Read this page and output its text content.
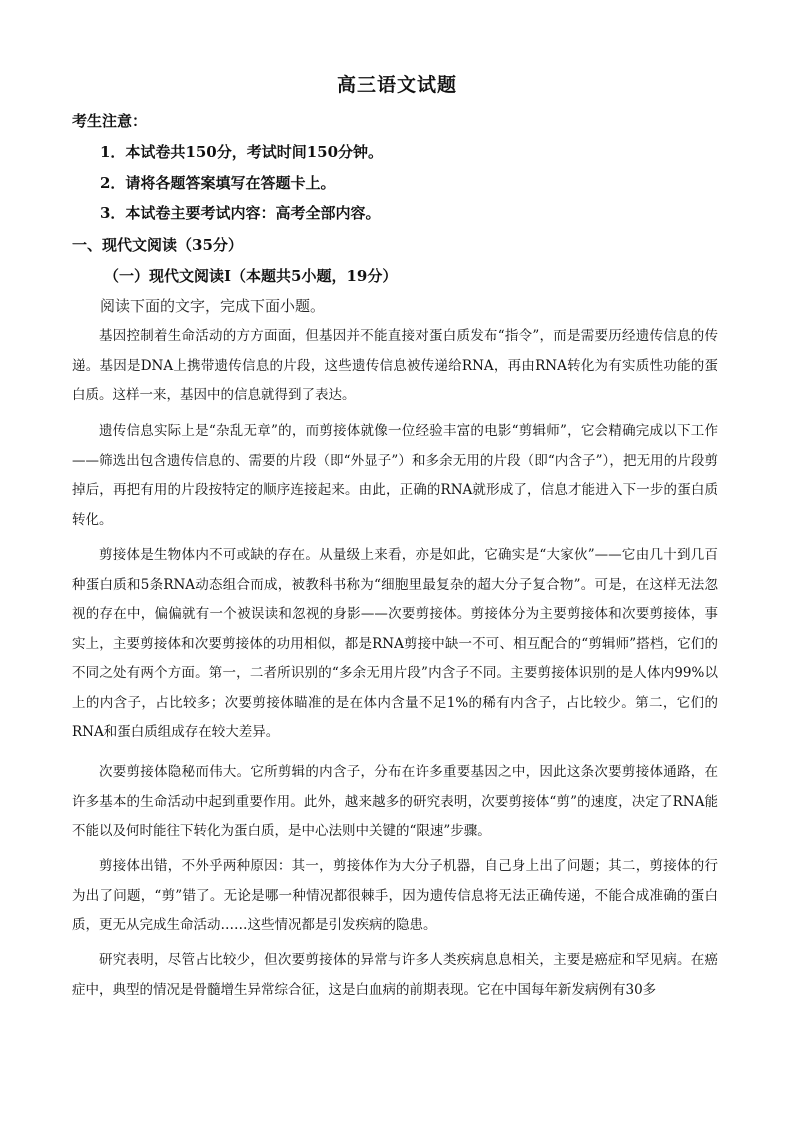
高三语文试题
考生注意：
1．本试卷共150分，考试时间150分钟。
2．请将各题答案填写在答题卡上。
3．本试卷主要考试内容：高考全部内容。
一、现代文阅读（35分）
（一）现代文阅读Ⅰ（本题共5小题，19分）
阅读下面的文字，完成下面小题。

基因控制着生命活动的方方面面，但基因并不能直接对蛋白质发布“指令”，而是需要历经遗传信息的传递。基因是DNA上携带遗传信息的片段，这些遗传信息被传递给RNA，再由RNA转化为有实质性功能的蛋白质。这样一来，基因中的信息就得到了表达。

遗传信息实际上是“杂乱无章”的，而剪接体就像一位经验丰富的电影“剪辑师”，它会精确完成以下工作——筛选出包含遗传信息的、需要的片段（即“外显子”）和多余无用的片段（即“内含子”），把无用的片段剪掉后，再把有用的片段按特定的顺序连接起来。由此，正确的RNA就形成了，信息才能进入下一步的蛋白质转化。

剪接体是生物体内不可或缺的存在。从量级上来看，亦是如此，它确实是“大家伙”——它由几十到几百种蛋白质和5条RNA动态组合而成，被教科书称为“细胞里最复杂的超大分子复合物”。可是，在这样无法忽视的存在中，偏偏就有一个被误读和忽视的身影——次要剪接体。剪接体分为主要剪接体和次要剪接体，事实上，主要剪接体和次要剪接体的功用相似，都是RNA剪接中缺一不可、相互配合的“剪辑师”搭档，它们的不同之处有两个方面。第一，二者所识别的“多余无用片段”内含子不同。主要剪接体识别的是人体内99%以上的内含子，占比较多；次要剪接体瞄准的是在体内含量不足1%的稀有内含子，占比较少。第二，它们的RNA和蛋白质组成存在较大差异。

次要剪接体隐秘而伟大。它所剪辑的内含子，分布在许多重要基因之中，因此这条次要剪接体通路，在许多基本的生命活动中起到重要作用。此外，越来越多的研究表明，次要剪接体“剪”的速度，决定了RNA能不能以及何时能往下转化为蛋白质，是中心法则中关键的“限速”步骤。

剪接体出错，不外乎两种原因：其一，剪接体作为大分子机器，自己身上出了问题；其二，剪接体的行为出了问题，“剪”错了。无论是哪一种情况都很棘手，因为遗传信息将无法正确传递，不能合成准确的蛋白质，更无从完成生命活动……这些情况都是引发疾病的隐患。

研究表明，尽管占比较少，但次要剪接体的异常与许多人类疾病息息相关，主要是癌症和罕见病。在癌症中，典型的情况是骨髓增生异常综合征，这是白血病的前期表现。它在中国每年新发病例有30多
